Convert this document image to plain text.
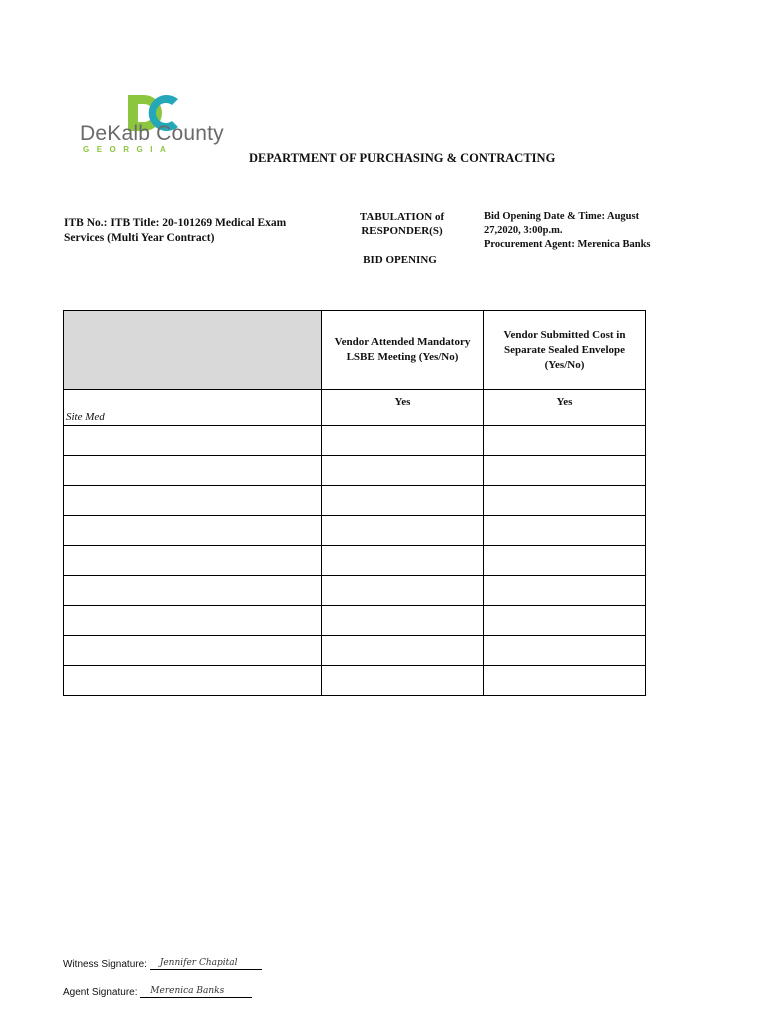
DeKalb County
GEORGIA
DEPARTMENT OF PURCHASING & CONTRACTING
ITB No.: ITB Title: 20-101269 Medical Exam Services (Multi Year Contract)
TABULATION of RESPONDER(S)
BID OPENING
Bid Opening Date & Time: August 27,2020, 3:00p.m.
Procurement Agent: Merenica Banks

	Vendor Attended Mandatory LSBE Meeting (Yes/No)	Vendor Submitted Cost in Separate Sealed Envelope (Yes/No)

Site Med	Yes	Yes

Witness Signature: Jennifer Chapital
Agent Signature: Merenica Banks
